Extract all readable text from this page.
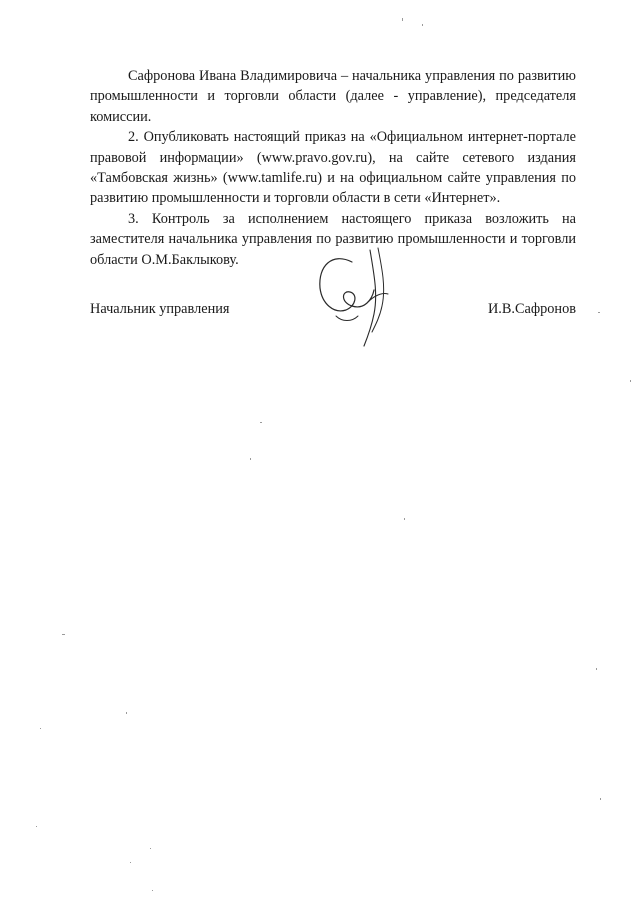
Сафронова Ивана Владимировича – начальника управления по развитию промышленности и торговли области (далее - управление), председателя комиссии.

2. Опубликовать настоящий приказ на «Официальном интернет-портале правовой информации» (www.pravo.gov.ru), на сайте сетевого издания «Тамбовская жизнь» (www.tamlife.ru) и на официальном сайте управления по развитию промышленности и торговли области в сети «Интернет».

3. Контроль за исполнением настоящего приказа возложить на заместителя начальника управления по развитию промышленности и торговли области О.М.Баклыкову.

Начальник управления	И.В.Сафронов
